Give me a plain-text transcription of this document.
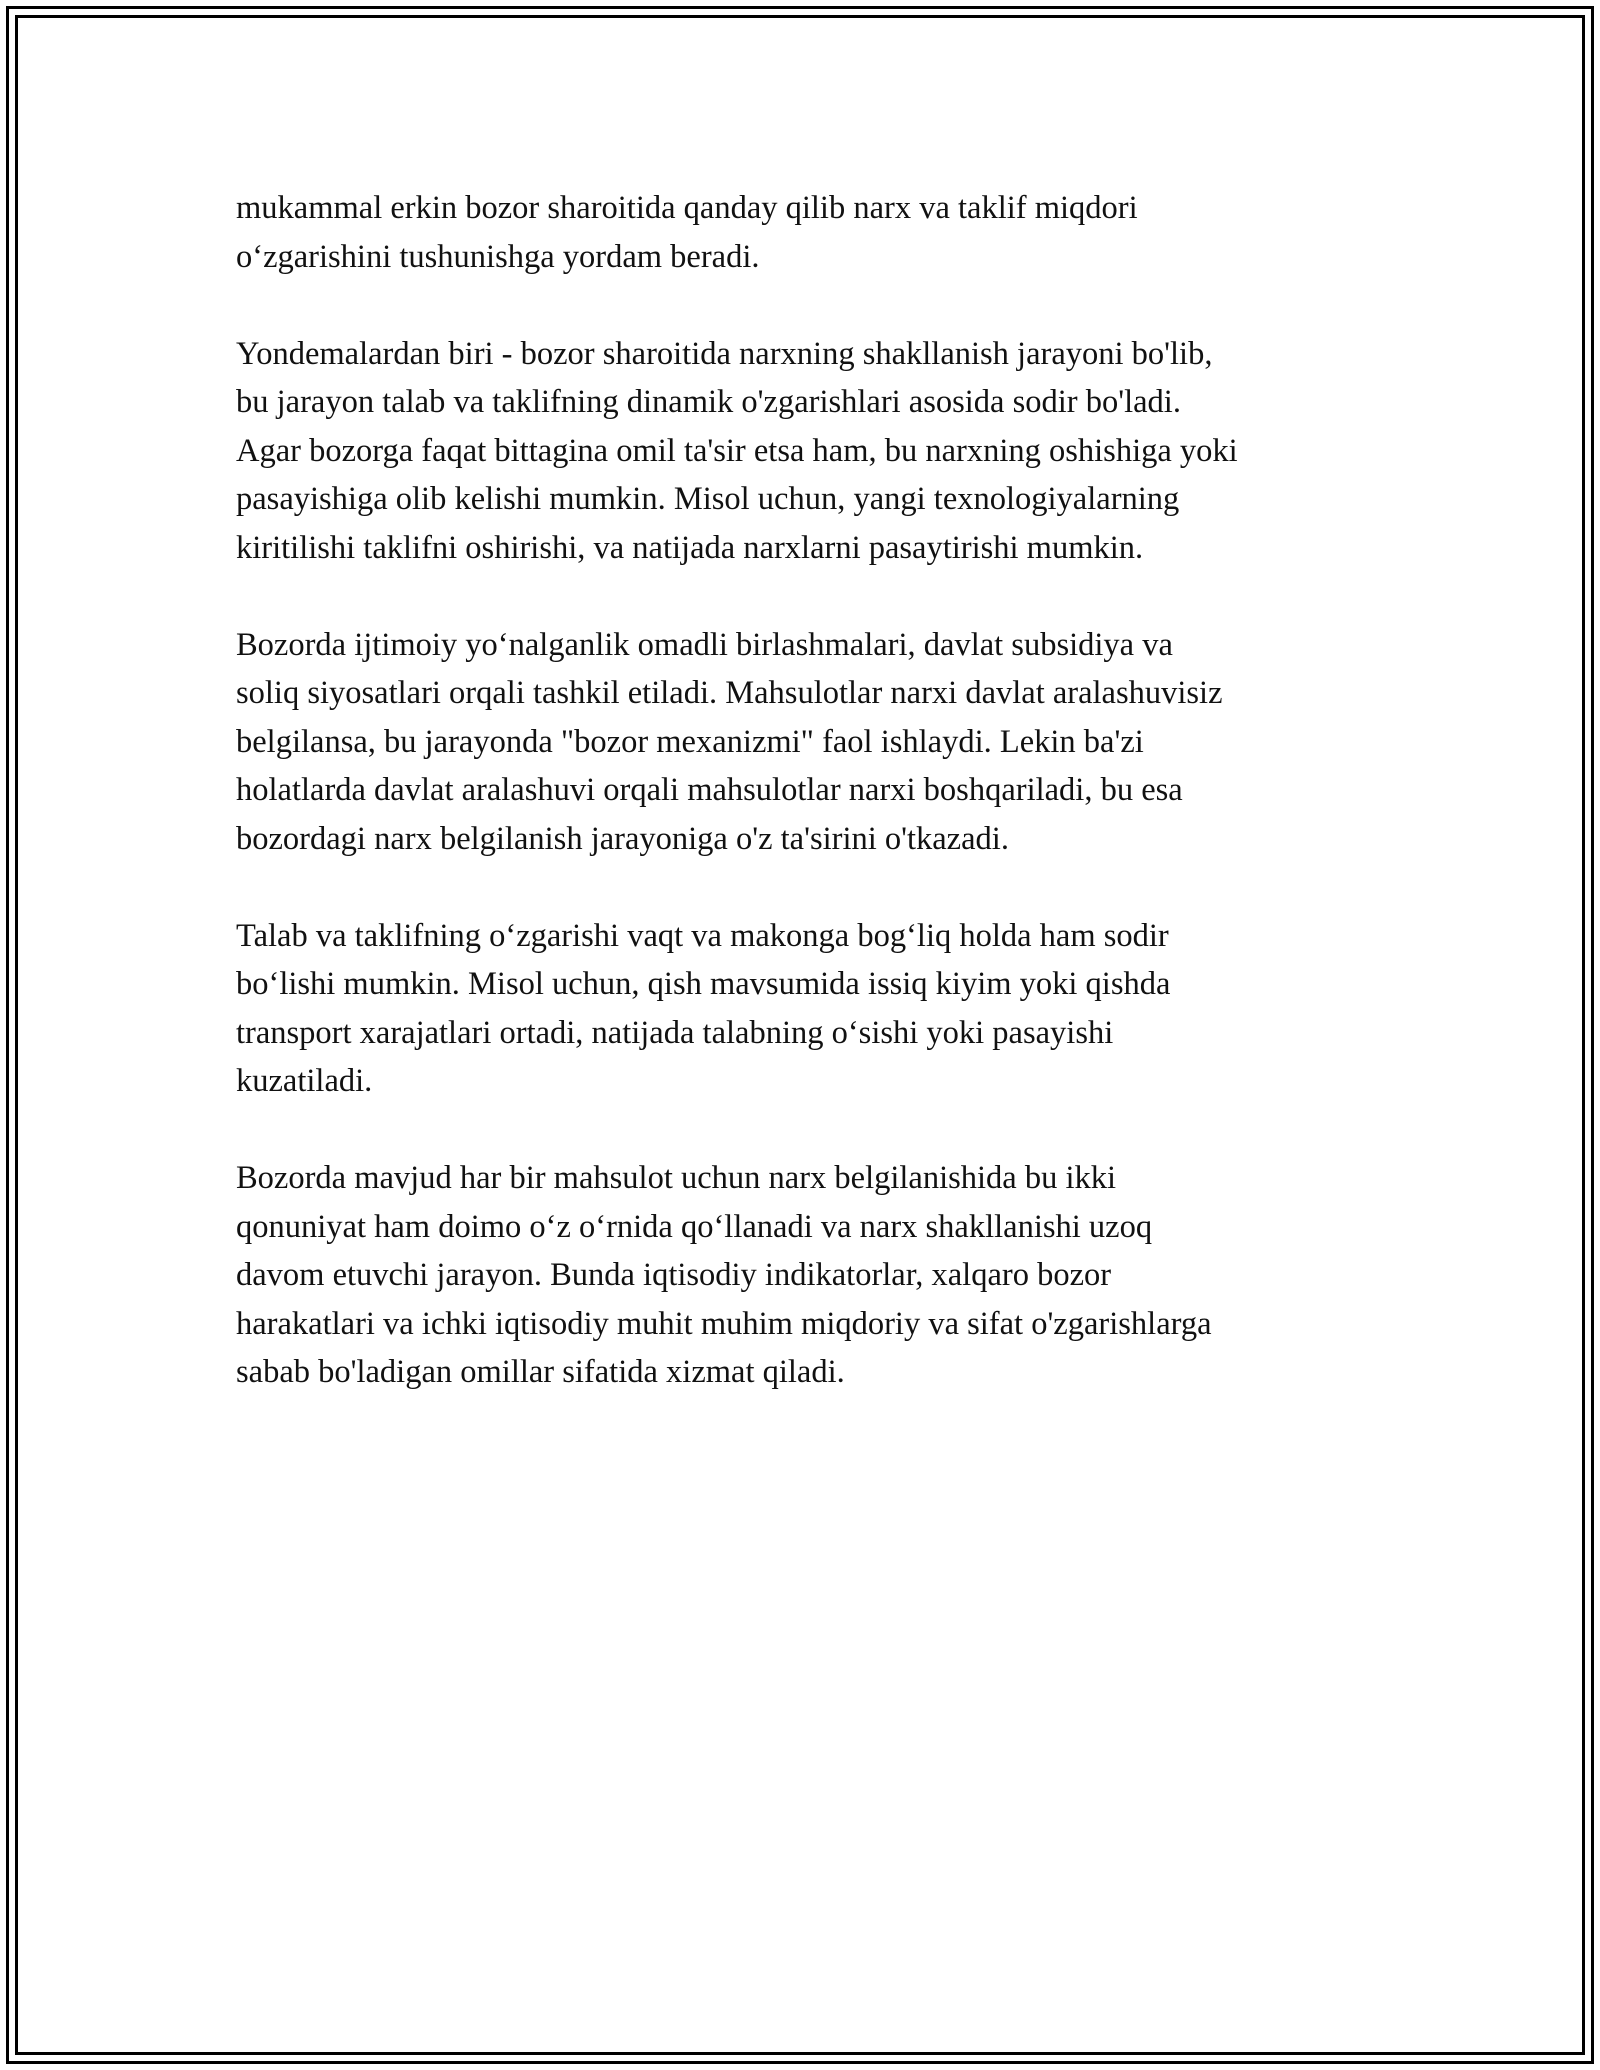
mukammal erkin bozor sharoitida qanday qilib narx va taklif miqdori
o‘zgarishini tushunishga yordam beradi.

Yondemalardan biri - bozor sharoitida narxning shakllanish jarayoni bo'lib,
bu jarayon talab va taklifning dinamik o'zgarishlari asosida sodir bo'ladi.
Agar bozorga faqat bittagina omil ta'sir etsa ham, bu narxning oshishiga yoki
pasayishiga olib kelishi mumkin. Misol uchun, yangi texnologiyalarning
kiritilishi taklifni oshirishi, va natijada narxlarni pasaytirishi mumkin.

Bozorda ijtimoiy yo‘nalganlik omadli birlashmalari, davlat subsidiya va
soliq siyosatlari orqali tashkil etiladi. Mahsulotlar narxi davlat aralashuvisiz
belgilansa, bu jarayonda "bozor mexanizmi" faol ishlaydi. Lekin ba'zi
holatlarda davlat aralashuvi orqali mahsulotlar narxi boshqariladi, bu esa
bozordagi narx belgilanish jarayoniga o'z ta'sirini o'tkazadi.

Talab va taklifning o‘zgarishi vaqt va makonga bog‘liq holda ham sodir
bo‘lishi mumkin. Misol uchun, qish mavsumida issiq kiyim yoki qishda
transport xarajatlari ortadi, natijada talabning o‘sishi yoki pasayishi
kuzatiladi.

Bozorda mavjud har bir mahsulot uchun narx belgilanishida bu ikki
qonuniyat ham doimo o‘z o‘rnida qo‘llanadi va narx shakllanishi uzoq
davom etuvchi jarayon. Bunda iqtisodiy indikatorlar, xalqaro bozor
harakatlari va ichki iqtisodiy muhit muhim miqdoriy va sifat o'zgarishlarga
sabab bo'ladigan omillar sifatida xizmat qiladi.
